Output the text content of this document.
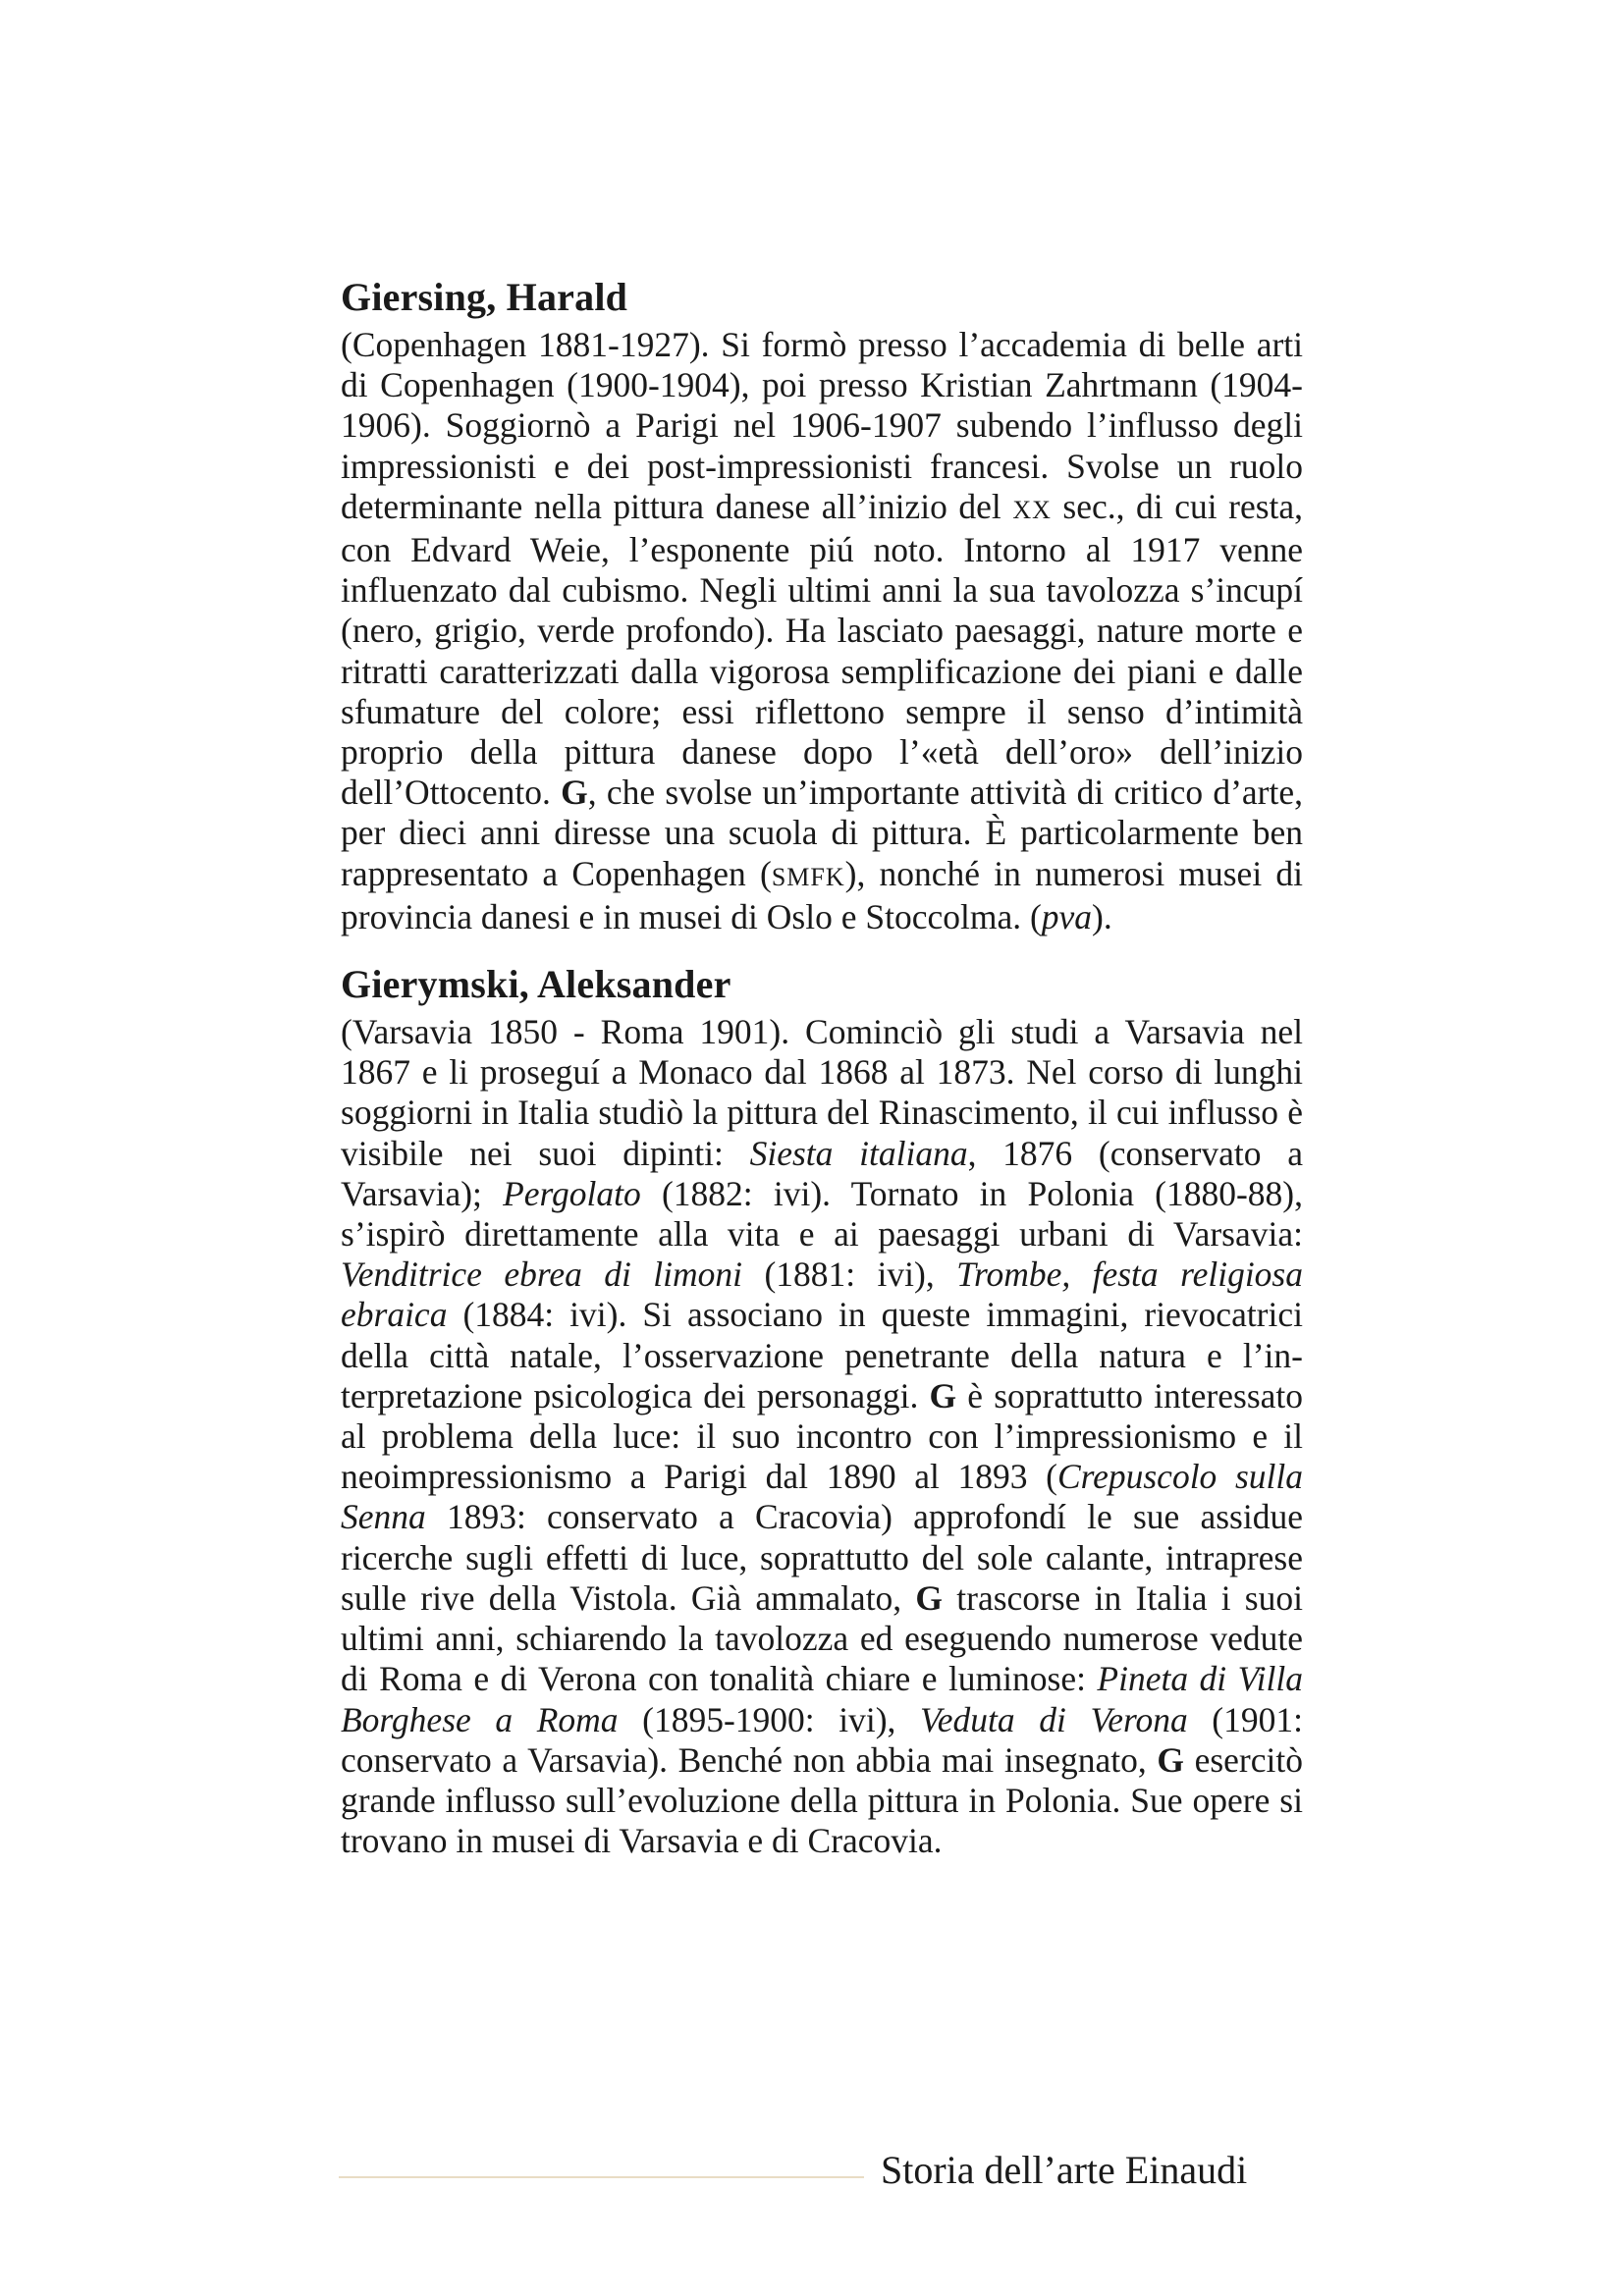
Giersing, Harald

(Copenhagen 1881-1927). Si formò presso l’accademia di belle arti di Copenhagen (1900-1904), poi presso Kristian Zahrtmann (1904-1906). Soggiornò a Parigi nel 1906-1907 subendo l’influsso degli impressionisti e dei post-impressionisti francesi. Svolse un ruolo determinante nella pittura danese all’inizio del XX sec., di cui resta, con Edvard Weie, l’esponente piú noto. Intorno al 1917 venne influenzato dal cubismo. Negli ultimi anni la sua tavolozza s’incupí (nero, grigio, verde profondo). Ha lasciato paesaggi, nature morte e ritratti caratterizzati dalla vigorosa semplificazione dei piani e dalle sfumature del colore; essi riflettono sempre il senso d’intimità proprio della pittura danese dopo l’«età dell’oro» dell’inizio dell’Ottocento. G, che svolse un’importante attività di critico d’arte, per dieci anni diresse una scuola di pittura. È particolarmente ben rappresentato a Copenhagen (SMFK), nonché in numerosi musei di provincia danesi e in musei di Oslo e Stoccolma. (pva).

Gierymski, Aleksander

(Varsavia 1850 - Roma 1901). Cominciò gli studi a Varsavia nel 1867 e li proseguí a Monaco dal 1868 al 1873. Nel corso di lunghi soggiorni in Italia studiò la pittura del Rinascimento, il cui influsso è visibile nei suoi dipinti: Siesta italiana, 1876 (conservato a Varsavia); Pergolato (1882: ivi). Tornato in Polonia (1880-88), s’ispirò direttamente alla vita e ai paesaggi urbani di Varsavia: Venditrice ebrea di limoni (1881: ivi), Trombe, festa religiosa ebraica (1884: ivi). Si associano in queste immagini, rievocatrici della città natale, l’osservazione penetrante della natura e l’interpretazione psicologica dei personaggi. G è soprattutto interessato al problema della luce: il suo incontro con l’impressionismo e il neoimpressionismo a Parigi dal 1890 al 1893 (Crepuscolo sulla Senna 1893: conservato a Cracovia) approfondí le sue assidue ricerche sugli effetti di luce, soprattutto del sole calante, intraprese sulle rive della Vistola. Già ammalato, G trascorse in Italia i suoi ultimi anni, schiarendo la tavolozza ed eseguendo numerose vedute di Roma e di Verona con tonalità chiare e luminose: Pineta di Villa Borghese a Roma (1895-1900: ivi), Veduta di Verona (1901: conservato a Varsavia). Benché non abbia mai insegnato, G esercitò grande influsso sull’evoluzione della pittura in Polonia. Sue opere si trovano in musei di Varsavia e di Cracovia.

Storia dell’arte Einaudi
